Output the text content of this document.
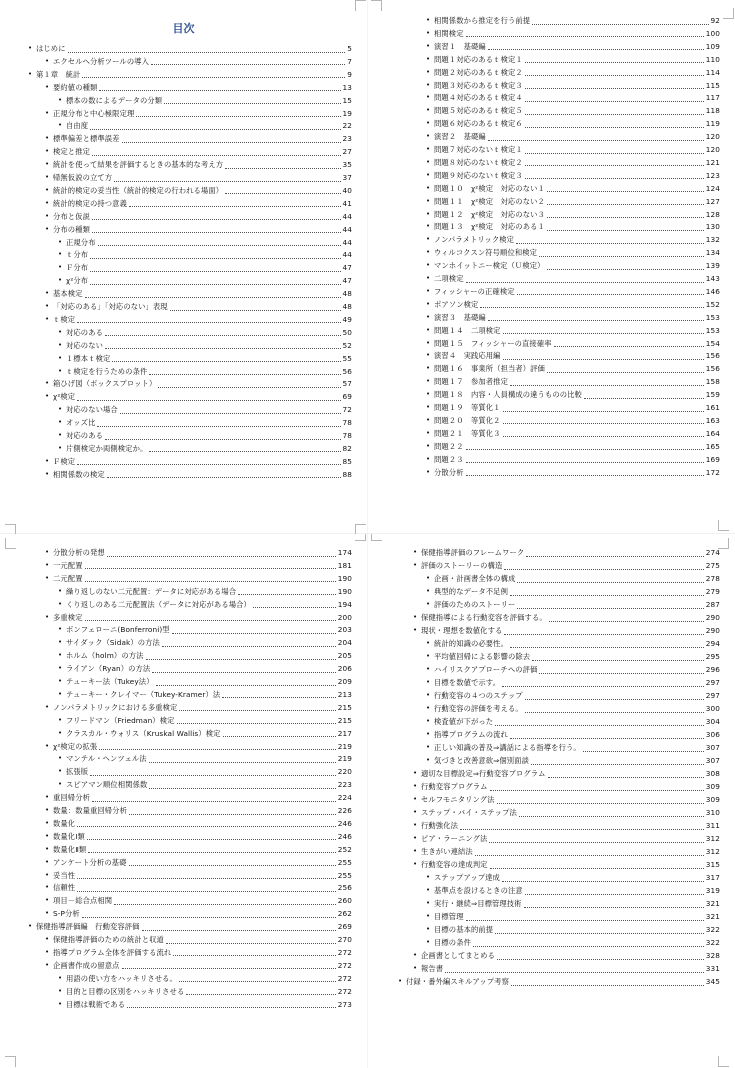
目次
• はじめに	5
• エクセルへ分析ツールの導入	7
• 第１章　統計	9
• 要約値の種類	13
• 標本の数によるデータの分類	15
• 正規分布と中心極限定理	19
• 自由度	22
• 標準偏差と標準誤差	23
• 検定と推定	27
• 統計を使って結果を評価するときの基本的な考え方	35
• 帰無仮説の立て方	37
• 統計的検定の妥当性（統計的検定の行われる場面）	40
• 統計的検定の持つ意義	41
• 分布と仮説	44
• 分布の種類	44
• 正規分布	44
• ｔ分布	44
• Ｆ分布	47
• χ²分布	47
• 基本検定	48
• 「対応のある」「対応のない」表現	48
• ｔ検定	49
• 対応のある	50
• 対応のない	52
• １標本ｔ検定	55
• ｔ検定を行うための条件	56
• 箱ひげ図（ボックスプロット）	57
• χ²検定	69
• 対応のない場合	72
• オッズ比	78
• 対応のある	78
• 片側検定か両側検定か。	82
• Ｆ検定	85
• 相関係数の検定	88
• 相関係数から推定を行う前提	92
• 相関検定	100
• 演習１　基礎編	109
• 問題１対応のあるｔ検定１	110
• 問題２対応のあるｔ検定２	114
• 問題３対応のあるｔ検定３	115
• 問題４対応のあるｔ検定４	117
• 問題５対応のあるｔ検定５	118
• 問題６対応のあるｔ検定６	119
• 演習２　基礎編	120
• 問題７対応のないｔ検定１	120
• 問題８対応のないｔ検定２	121
• 問題９対応のないｔ検定３	123
• 問題１０　χ²検定　対応のない１	124
• 問題１１　χ²検定　対応のない２	127
• 問題１２　χ²検定　対応のない３	128
• 問題１３　χ²検定　対応のある１	130
• ノンパラメトリック検定	132
• ウィルコクスン符号順位和検定	134
• マンホイットニー検定（Ｕ検定）	139
• 二項検定	143
• フィッシャーの正確検定	146
• ポアソン検定	152
• 演習３　基礎編	153
• 問題１４　二項検定	153
• 問題１５　フィッシャーの直接確率	154
• 演習４　実践応用編	156
• 問題１６　事業所（担当者）評価	156
• 問題１７　参加者推定	158
• 問題１８　内容・人員構成の違うものの比較	159
• 問題１９　等質化１	161
• 問題２０　等質化２	163
• 問題２１　等質化３	164
• 問題２２	165
• 問題２３	169
• 分散分析	172
• 分散分析の発想	174
• 一元配置	181
• 二元配置	190
• 繰り返しのない二元配置：データに対応がある場合	190
• くり返しのある二元配置法（データに対応がある場合）	194
• 多重検定	200
• ボンフェローニ(Bonferroni)型	203
• サイダック（Sidak）の方法	204
• ホルム（holm）の方法	205
• ライアン（Ryan）の方法	206
• テューキー法（Tukey法）	209
• テューキー・クレイマー（Tukey-Kramer）法	213
• ノンパラメトリックにおける多重検定	215
• フリードマン（Friedman）検定	215
• クラスカル・ウォリス（Kruskal Wallis）検定	217
• χ²検定の拡張	219
• マンテル・ヘンツェル法	219
• 拡張版	220
• スピアマン順位相関係数	223
• 重回帰分析	224
• 数量：数量重回帰分析	226
• 数量化	246
• 数量化Ⅰ類	246
• 数量化Ⅱ類	252
• アンケート分析の基礎	255
• 妥当性	255
• 信頼性	256
• 項目－総合点相関	260
• S-P分析	262
• 保健指導評価編　行動変容評価	269
• 保健指導評価のための統計と収道	270
• 指導プログラム全体を評価する流れ	272
• 企画書作成の留意点	272
• 用語の使い方をハッキリさせる。	272
• 目的と目標の区別をハッキリさせる	272
• 目標は戦術である	273
• 保健指導評価のフレームワーク	274
• 評価のストーリーの構造	275
• 企画・計画書全体の構成	278
• 典型的なデータ不足例	279
• 評価のためのストーリー	287
• 保健指導による行動変容を評価する。	290
• 現状・理想を数値化する	290
• 統計的知識の必要性。	294
• 平均値回帰による影響の除去	295
• ハイリスクアプローチへの評価	296
• 目標を数値で示す。	297
• 行動変容の４つのステップ	297
• 行動変容の評価を考える。	300
• 検査値が下がった	304
• 指導プログラムの流れ	306
• 正しい知識の普及⇒講話による指導を行う。	307
• 気づきと改善意欲⇒個別面談	307
• 適切な目標設定⇒行動変容プログラム	308
• 行動変容プログラム	309
• セルフモニタリング法	309
• ステップ・バイ・ステップ法	310
• 行動強化法	311
• ピア・ラーニング法	312
• 生きがい連結法	312
• 行動変容の達成判定	315
• ステップアップ達成	317
• 基準点を設けるときの注意	319
• 実行・継続⇒目標管理技術	321
• 目標管理	321
• 目標の基本的前提	322
• 目標の条件	322
• 企画書としてまとめる	328
• 報告書	331
• 付録・番外編スキルアップ考察	345
